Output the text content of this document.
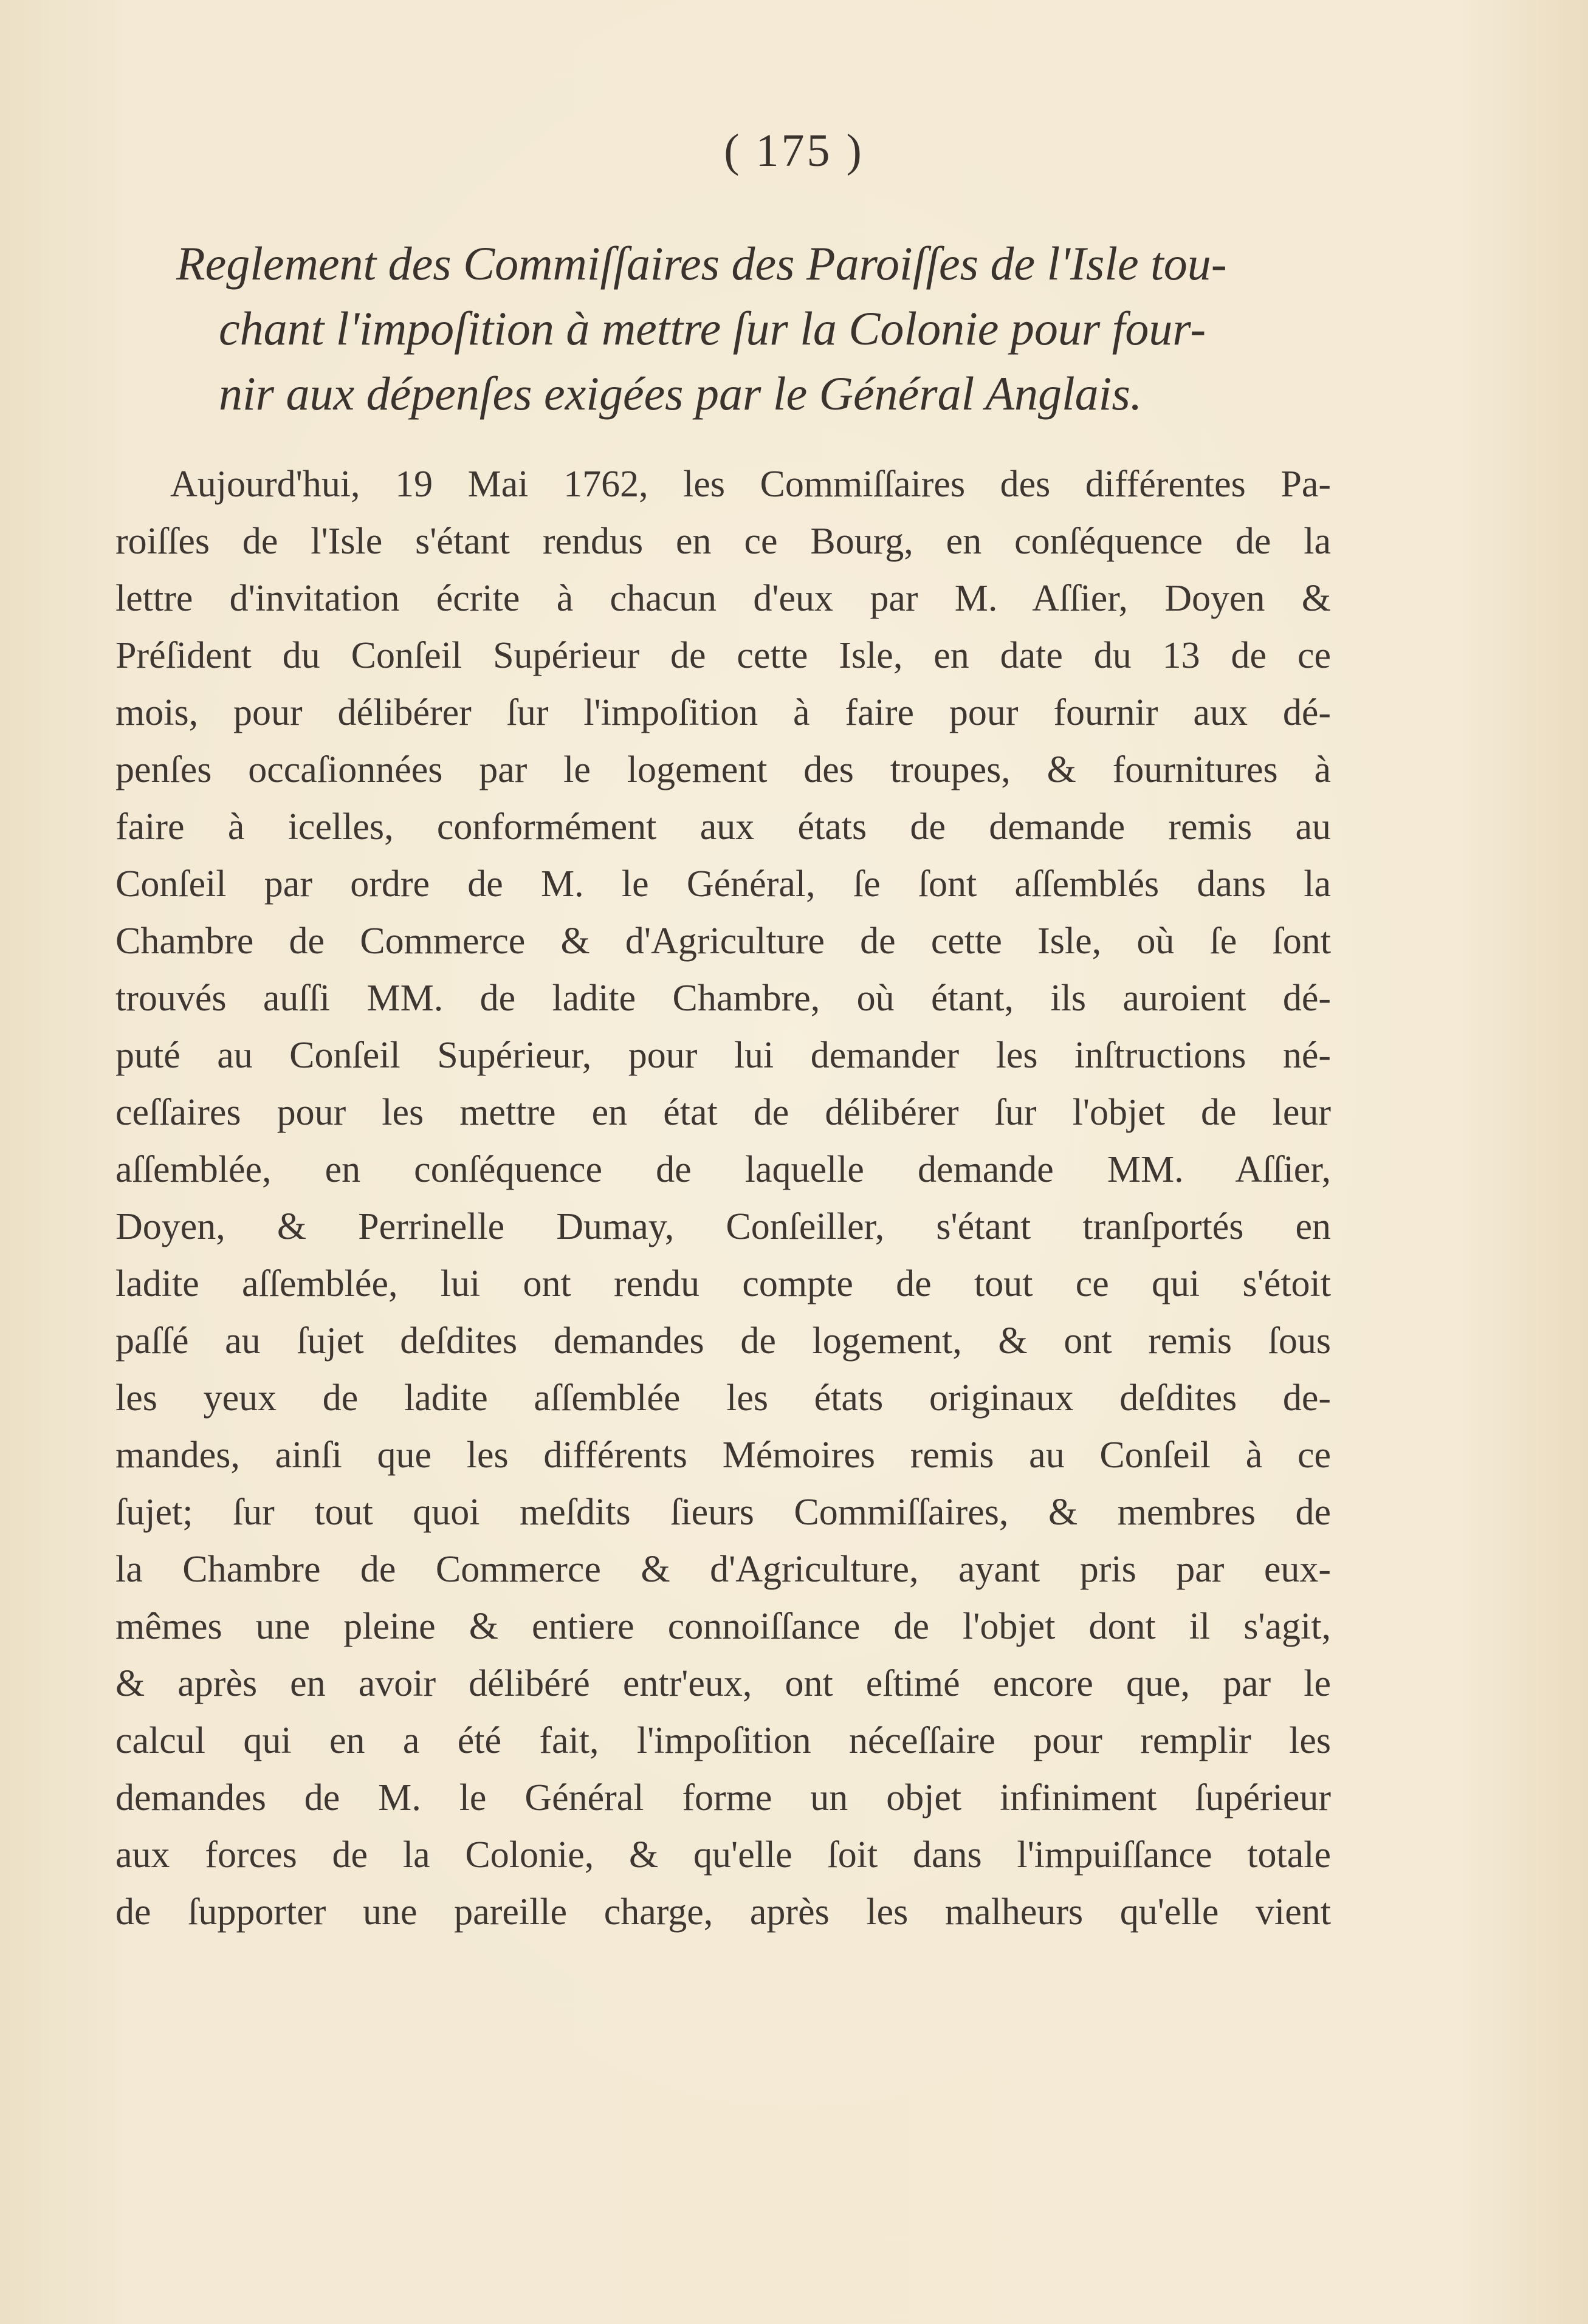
( 175 )
Reglement des Commiſſaires des Paroiſſes de l'Isle tou-
chant l'impoſition à mettre ſur la Colonie pour four-
nir aux dépenſes exigées par le Général Anglais.
Aujourd'hui, 19 Mai 1762, les Commiſſaires des différentes Pa-
roiſſes de l'Isle s'étant rendus en ce Bourg, en conſéquence de la
lettre d'invitation écrite à chacun d'eux par M. Aſſier, Doyen &
Préſident du Conſeil Supérieur de cette Isle, en date du 13 de ce
mois, pour délibérer ſur l'impoſition à faire pour fournir aux dé-
penſes occaſionnées par le logement des troupes, & fournitures à
faire à icelles, conformément aux états de demande remis au
Conſeil par ordre de M. le Général, ſe ſont aſſemblés dans la
Chambre de Commerce & d'Agriculture de cette Isle, où ſe ſont
trouvés auſſi MM. de ladite Chambre, où étant, ils auroient dé-
puté au Conſeil Supérieur, pour lui demander les inſtructions né-
ceſſaires pour les mettre en état de délibérer ſur l'objet de leur
aſſemblée, en conſéquence de laquelle demande MM. Aſſier,
Doyen, & Perrinelle Dumay, Conſeiller, s'étant tranſportés en
ladite aſſemblée, lui ont rendu compte de tout ce qui s'étoit
paſſé au ſujet deſdites demandes de logement, & ont remis ſous
les yeux de ladite aſſemblée les états originaux deſdites de-
mandes, ainſi que les différents Mémoires remis au Conſeil à ce
ſujet; ſur tout quoi meſdits ſieurs Commiſſaires, & membres de
la Chambre de Commerce & d'Agriculture, ayant pris par eux-
mêmes une pleine & entiere connoiſſance de l'objet dont il s'agit,
& après en avoir délibéré entr'eux, ont eſtimé encore que, par le
calcul qui en a été fait, l'impoſition néceſſaire pour remplir les
demandes de M. le Général forme un objet infiniment ſupérieur
aux forces de la Colonie, & qu'elle ſoit dans l'impuiſſance totale
de ſupporter une pareille charge, après les malheurs qu'elle vient
